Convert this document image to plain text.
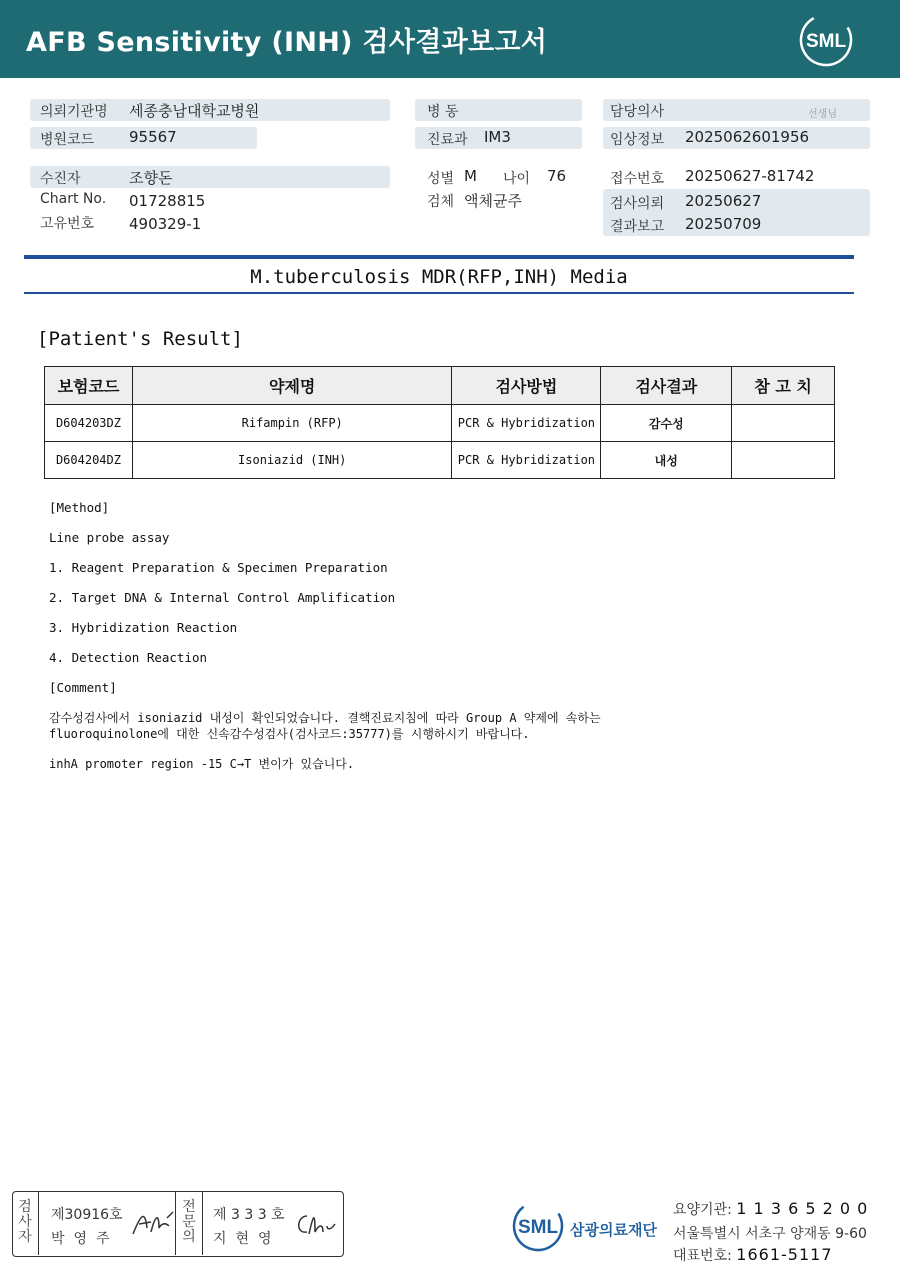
AFB Sensitivity (INH) 검사결과보고서	SML
의뢰기관명 세종충남대학교병원
병원코드 95567
수진자	조향돈
Chart No. 01728815
고유번호 490329-1
병 동
진료과 IM3
성별 M 나이 76
검체 액체균주
담당의사	선생님
임상정보 2025062601956
접수번호 20250627-81742
검사의뢰 20250627
결과보고 20250709
M.tuberculosis MDR(RFP,INH) Media
[Patient's Result]
보험코드	약제명	검사방법	검사결과	참 고 치
D604203DZ	Rifampin (RFP)	PCR & Hybridization	감수성	
D604204DZ	Isoniazid (INH)	PCR & Hybridization	내성	
[Method]
Line probe assay
1. Reagent Preparation & Specimen Preparation
2. Target DNA & Internal Control Amplification
3. Hybridization Reaction
4. Detection Reaction
[Comment]
감수성검사에서 isoniazid 내성이 확인되었습니다. 결핵진료지침에 따라 Group A 약제에 속하는
fluoroquinolone에 대한 신속감수성검사(검사코드:35777)를 시행하시기 바랍니다.
inhA promoter region -15 C→T 변이가 있습니다.
검
사
자
제30916호
박영주
전
문
의
제 3 3 3 호
지현영
SML 삼광의료재단
요양기관: 1 1 3 6 5 2 0 0
서울특별시 서초구 양재동 9-60
대표번호: 1661-5117
